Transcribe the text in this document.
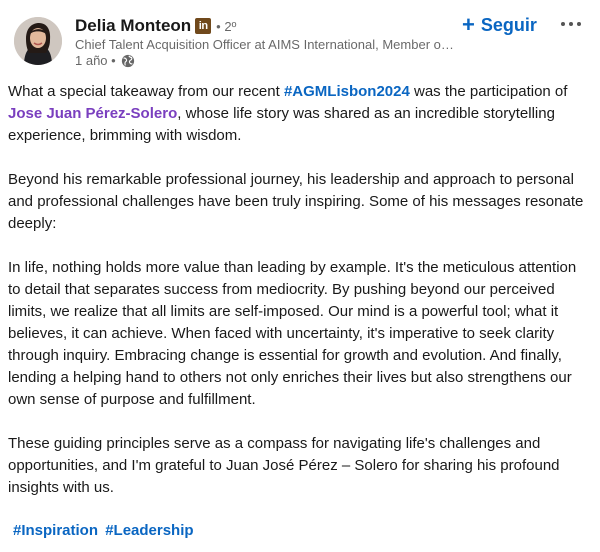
Delia Monteon in • 2º
Chief Talent Acquisition Officer at AIMS International, Member o…
1 año •
+ Seguir

What a special takeaway from our recent #AGMLisbon2024 was the participation of Jose Juan Pérez-Solero, whose life story was shared as an incredible storytelling experience, brimming with wisdom.

Beyond his remarkable professional journey, his leadership and approach to personal and professional challenges have been truly inspiring. Some of his messages resonate deeply:

In life, nothing holds more value than leading by example. It's the meticulous attention to detail that separates success from mediocrity. By pushing beyond our perceived limits, we realize that all limits are self-imposed. Our mind is a powerful tool; what it believes, it can achieve. When faced with uncertainty, it's imperative to seek clarity through inquiry. Embracing change is essential for growth and evolution. And finally, lending a helping hand to others not only enriches their lives but also strengthens our own sense of purpose and fulfillment.

These guiding principles serve as a compass for navigating life's challenges and opportunities, and I'm grateful to Juan José Pérez – Solero for sharing his profound insights with us.

#Inspiration #Leadership
